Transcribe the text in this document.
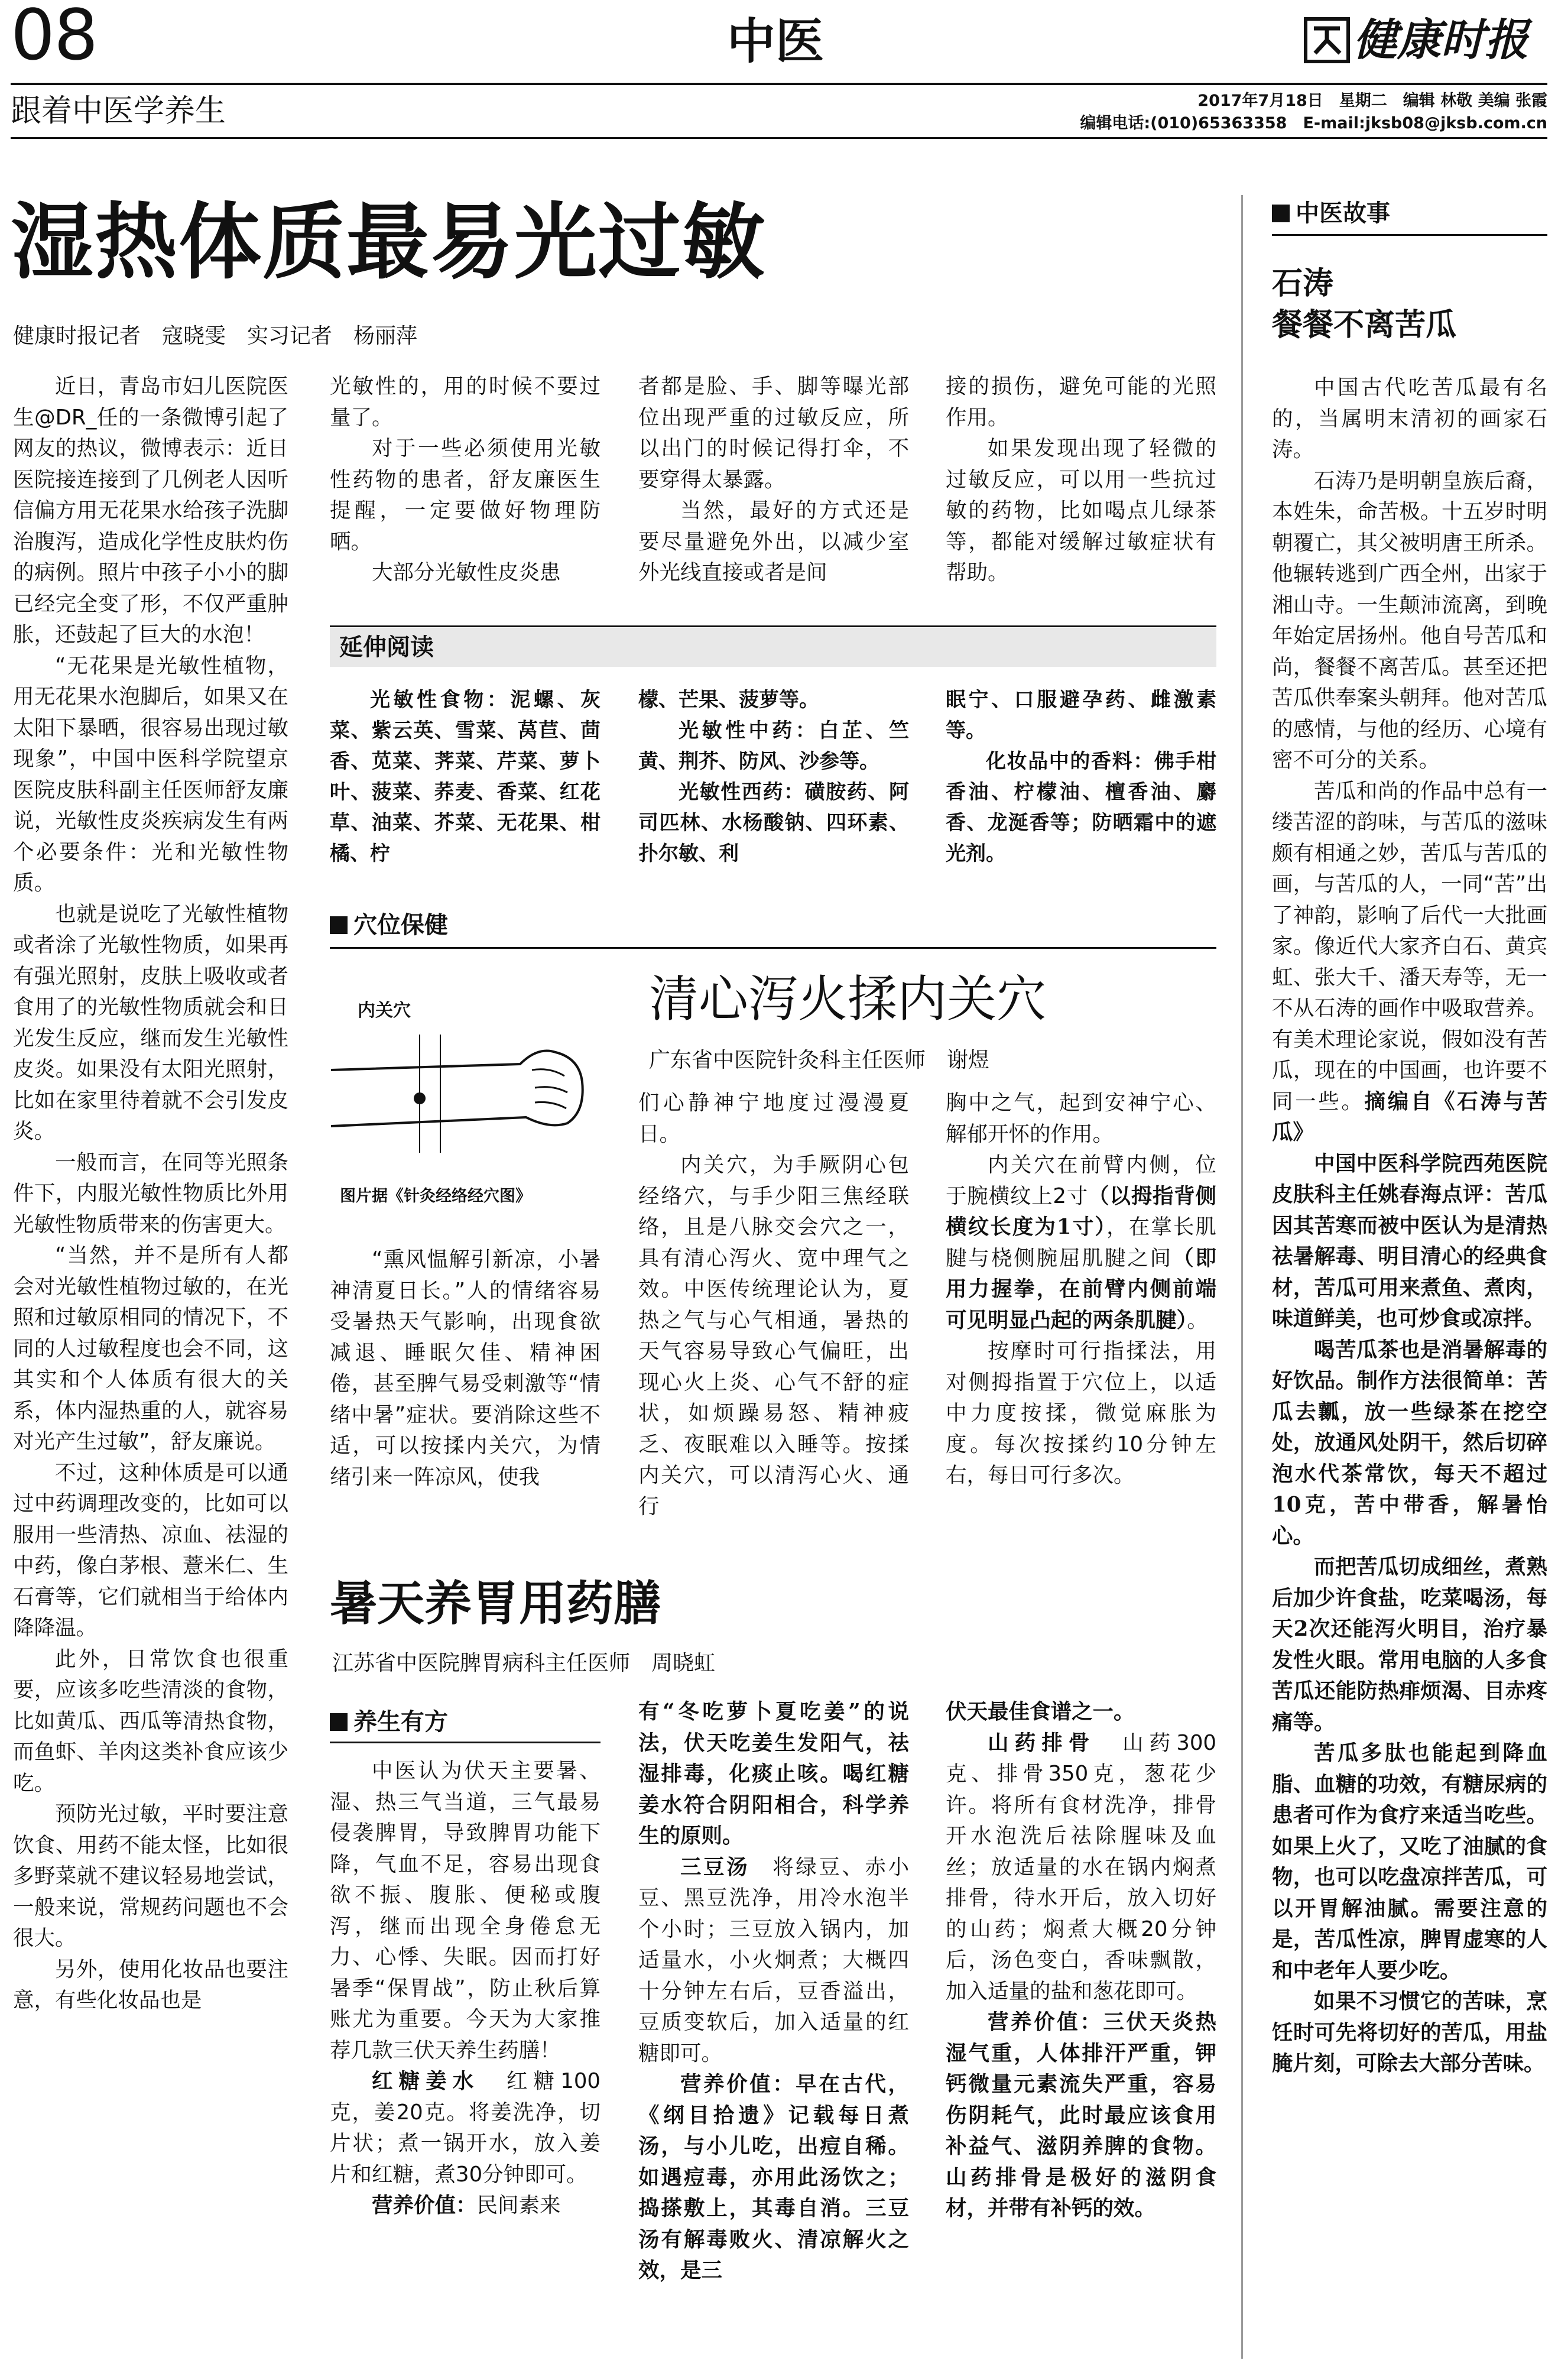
08	中医	健康时报
跟着中医学养生	2017年7月18日　星期二　编辑 林敬 美编 张霞
编辑电话:(010)65363358　E-mail:jksb08@jksb.com.cn
湿热体质最易光过敏
健康时报记者　寇晓雯　实习记者　杨丽萍

近日，青岛市妇儿医院医生@DR_任的一条微博引起了网友的热议，微博表示：近日医院接连接到了几例老人因听信偏方用无花果水给孩子洗脚治腹泻，造成化学性皮肤灼伤的病例。照片中孩子小小的脚已经完全变了形，不仅严重肿胀，还鼓起了巨大的水泡！

“无花果是光敏性植物，用无花果水泡脚后，如果又在太阳下暴晒，很容易出现过敏现象”，中国中医科学院望京医院皮肤科副主任医师舒友廉说，光敏性皮炎疾病发生有两个必要条件：光和光敏性物质。

也就是说吃了光敏性植物或者涂了光敏性物质，如果再有强光照射，皮肤上吸收或者食用了的光敏性物质就会和日光发生反应，继而发生光敏性皮炎。如果没有太阳光照射，比如在家里待着就不会引发皮炎。

一般而言，在同等光照条件下，内服光敏性物质比外用光敏性物质带来的伤害更大。

“当然，并不是所有人都会对光敏性植物过敏的，在光照和过敏原相同的情况下，不同的人过敏程度也会不同，这其实和个人体质有很大的关系，体内湿热重的人，就容易对光产生过敏”，舒友廉说。

不过，这种体质是可以通过中药调理改变的，比如可以服用一些清热、凉血、祛湿的中药，像白茅根、薏米仁、生石膏等，它们就相当于给体内降降温。

此外，日常饮食也很重要，应该多吃些清淡的食物，比如黄瓜、西瓜等清热食物，而鱼虾、羊肉这类补食应该少吃。

预防光过敏，平时要注意饮食、用药不能太怪，比如很多野菜就不建议轻易地尝试，一般来说，常规药问题也不会很大。

另外，使用化妆品也要注意，有些化妆品也是

光敏性的，用的时候不要过量了。

对于一些必须使用光敏性药物的患者，舒友廉医生提醒，一定要做好物理防晒。

大部分光敏性皮炎患

者都是脸、手、脚等曝光部位出现严重的过敏反应，所以出门的时候记得打伞，不要穿得太暴露。

当然，最好的方式还是要尽量避免外出，以减少室外光线直接或者是间

接的损伤，避免可能的光照作用。

如果发现出现了轻微的过敏反应，可以用一些抗过敏的药物，比如喝点儿绿茶等，都能对缓解过敏症状有帮助。

延伸阅读

光敏性食物：泥螺、灰菜、紫云英、雪菜、莴苣、茴香、苋菜、荠菜、芹菜、萝卜叶、菠菜、荞麦、香菜、红花草、油菜、芥菜、无花果、柑橘、柠

檬、芒果、菠萝等。

光敏性中药：白芷、竺黄、荆芥、防风、沙参等。

光敏性西药：磺胺药、阿司匹林、水杨酸钠、四环素、扑尔敏、利

眠宁、口服避孕药、雌激素等。

化妆品中的香料：佛手柑香油、柠檬油、檀香油、麝香、龙涎香等；防晒霜中的遮光剂。

穴位保健
内关穴
图片据《针灸经络经穴图》
清心泻火揉内关穴
广东省中医院针灸科主任医师　谢煜

“熏风愠解引新凉，小暑神清夏日长。”人的情绪容易受暑热天气影响，出现食欲减退、睡眠欠佳、精神困倦，甚至脾气易受刺激等“情绪中暑”症状。要消除这些不适，可以按揉内关穴，为情绪引来一阵凉风，使我

们心静神宁地度过漫漫夏日。

内关穴，为手厥阴心包经络穴，与手少阳三焦经联络，且是八脉交会穴之一，具有清心泻火、宽中理气之效。中医传统理论认为，夏热之气与心气相通，暑热的天气容易导致心气偏旺，出现心火上炎、心气不舒的症状，如烦躁易怒、精神疲乏、夜眠难以入睡等。按揉内关穴，可以清泻心火、通行

胸中之气，起到安神宁心、解郁开怀的作用。

内关穴在前臂内侧，位于腕横纹上2寸（以拇指背侧横纹长度为1寸），在掌长肌腱与桡侧腕屈肌腱之间（即用力握拳，在前臂内侧前端可见明显凸起的两条肌腱）。

按摩时可行指揉法，用对侧拇指置于穴位上，以适中力度按揉，微觉麻胀为度。每次按揉约10分钟左右，每日可行多次。

暑天养胃用药膳
江苏省中医院脾胃病科主任医师　周晓虹
养生有方

中医认为伏天主要暑、湿、热三气当道，三气最易侵袭脾胃，导致脾胃功能下降，气血不足，容易出现食欲不振、腹胀、便秘或腹泻，继而出现全身倦怠无力、心悸、失眠。因而打好暑季“保胃战”，防止秋后算账尤为重要。今天为大家推荐几款三伏天养生药膳！

红糖姜水　红糖100克，姜20克。将姜洗净，切片状；煮一锅开水，放入姜片和红糖，煮30分钟即可。

营养价值：民间素来

有“冬吃萝卜夏吃姜”的说法，伏天吃姜生发阳气，祛湿排毒，化痰止咳。喝红糖姜水符合阴阳相合，科学养生的原则。

三豆汤　将绿豆、赤小豆、黑豆洗净，用冷水泡半个小时；三豆放入锅内，加适量水，小火炯煮；大概四十分钟左右后，豆香溢出，豆质变软后，加入适量的红糖即可。

营养价值：早在古代，《纲目拾遗》记载每日煮汤，与小儿吃，出痘自稀。如遇痘毒，亦用此汤饮之；捣搽敷上，其毒自消。三豆汤有解毒败火、清凉解火之效，是三

伏天最佳食谱之一。

山药排骨　山药300克、排骨350克，葱花少许。将所有食材洗净，排骨开水泡洗后祛除腥味及血丝；放适量的水在锅内焖煮排骨，待水开后，放入切好的山药；焖煮大概20分钟后，汤色变白，香味飘散，加入适量的盐和葱花即可。

营养价值：三伏天炎热湿气重，人体排汗严重，钾钙微量元素流失严重，容易伤阴耗气，此时最应该食用补益气、滋阴养脾的食物。山药排骨是极好的滋阴食材，并带有补钙的效。

中医故事
石涛
餐餐不离苦瓜

中国古代吃苦瓜最有名的，当属明末清初的画家石涛。

石涛乃是明朝皇族后裔，本姓朱，命苦极。十五岁时明朝覆亡，其父被明唐王所杀。他辗转逃到广西全州，出家于湘山寺。一生颠沛流离，到晚年始定居扬州。他自号苦瓜和尚，餐餐不离苦瓜。甚至还把苦瓜供奉案头朝拜。他对苦瓜的感情，与他的经历、心境有密不可分的关系。

苦瓜和尚的作品中总有一缕苦涩的韵味，与苦瓜的滋味颇有相通之妙，苦瓜与苦瓜的画，与苦瓜的人，一同“苦”出了神韵，影响了后代一大批画家。像近代大家齐白石、黄宾虹、张大千、潘天寿等，无一不从石涛的画作中吸取营养。有美术理论家说，假如没有苦瓜，现在的中国画，也许要不同一些。摘编自《石涛与苦瓜》

中国中医科学院西苑医院皮肤科主任姚春海点评：苦瓜因其苦寒而被中医认为是清热祛暑解毒、明目清心的经典食材，苦瓜可用来煮鱼、煮肉，味道鲜美，也可炒食或凉拌。

喝苦瓜茶也是消暑解毒的好饮品。制作方法很简单：苦瓜去瓤，放一些绿茶在挖空处，放通风处阴干，然后切碎泡水代茶常饮，每天不超过10克，苦中带香，解暑怡心。

而把苦瓜切成细丝，煮熟后加少许食盐，吃菜喝汤，每天2次还能泻火明目，治疗暴发性火眼。常用电脑的人多食苦瓜还能防热痱烦渴、目赤疼痛等。

苦瓜多肽也能起到降血脂、血糖的功效，有糖尿病的患者可作为食疗来适当吃些。如果上火了，又吃了油腻的食物，也可以吃盘凉拌苦瓜，可以开胃解油腻。需要注意的是，苦瓜性凉，脾胃虚寒的人和中老年人要少吃。

如果不习惯它的苦味，烹饪时可先将切好的苦瓜，用盐腌片刻，可除去大部分苦味。
